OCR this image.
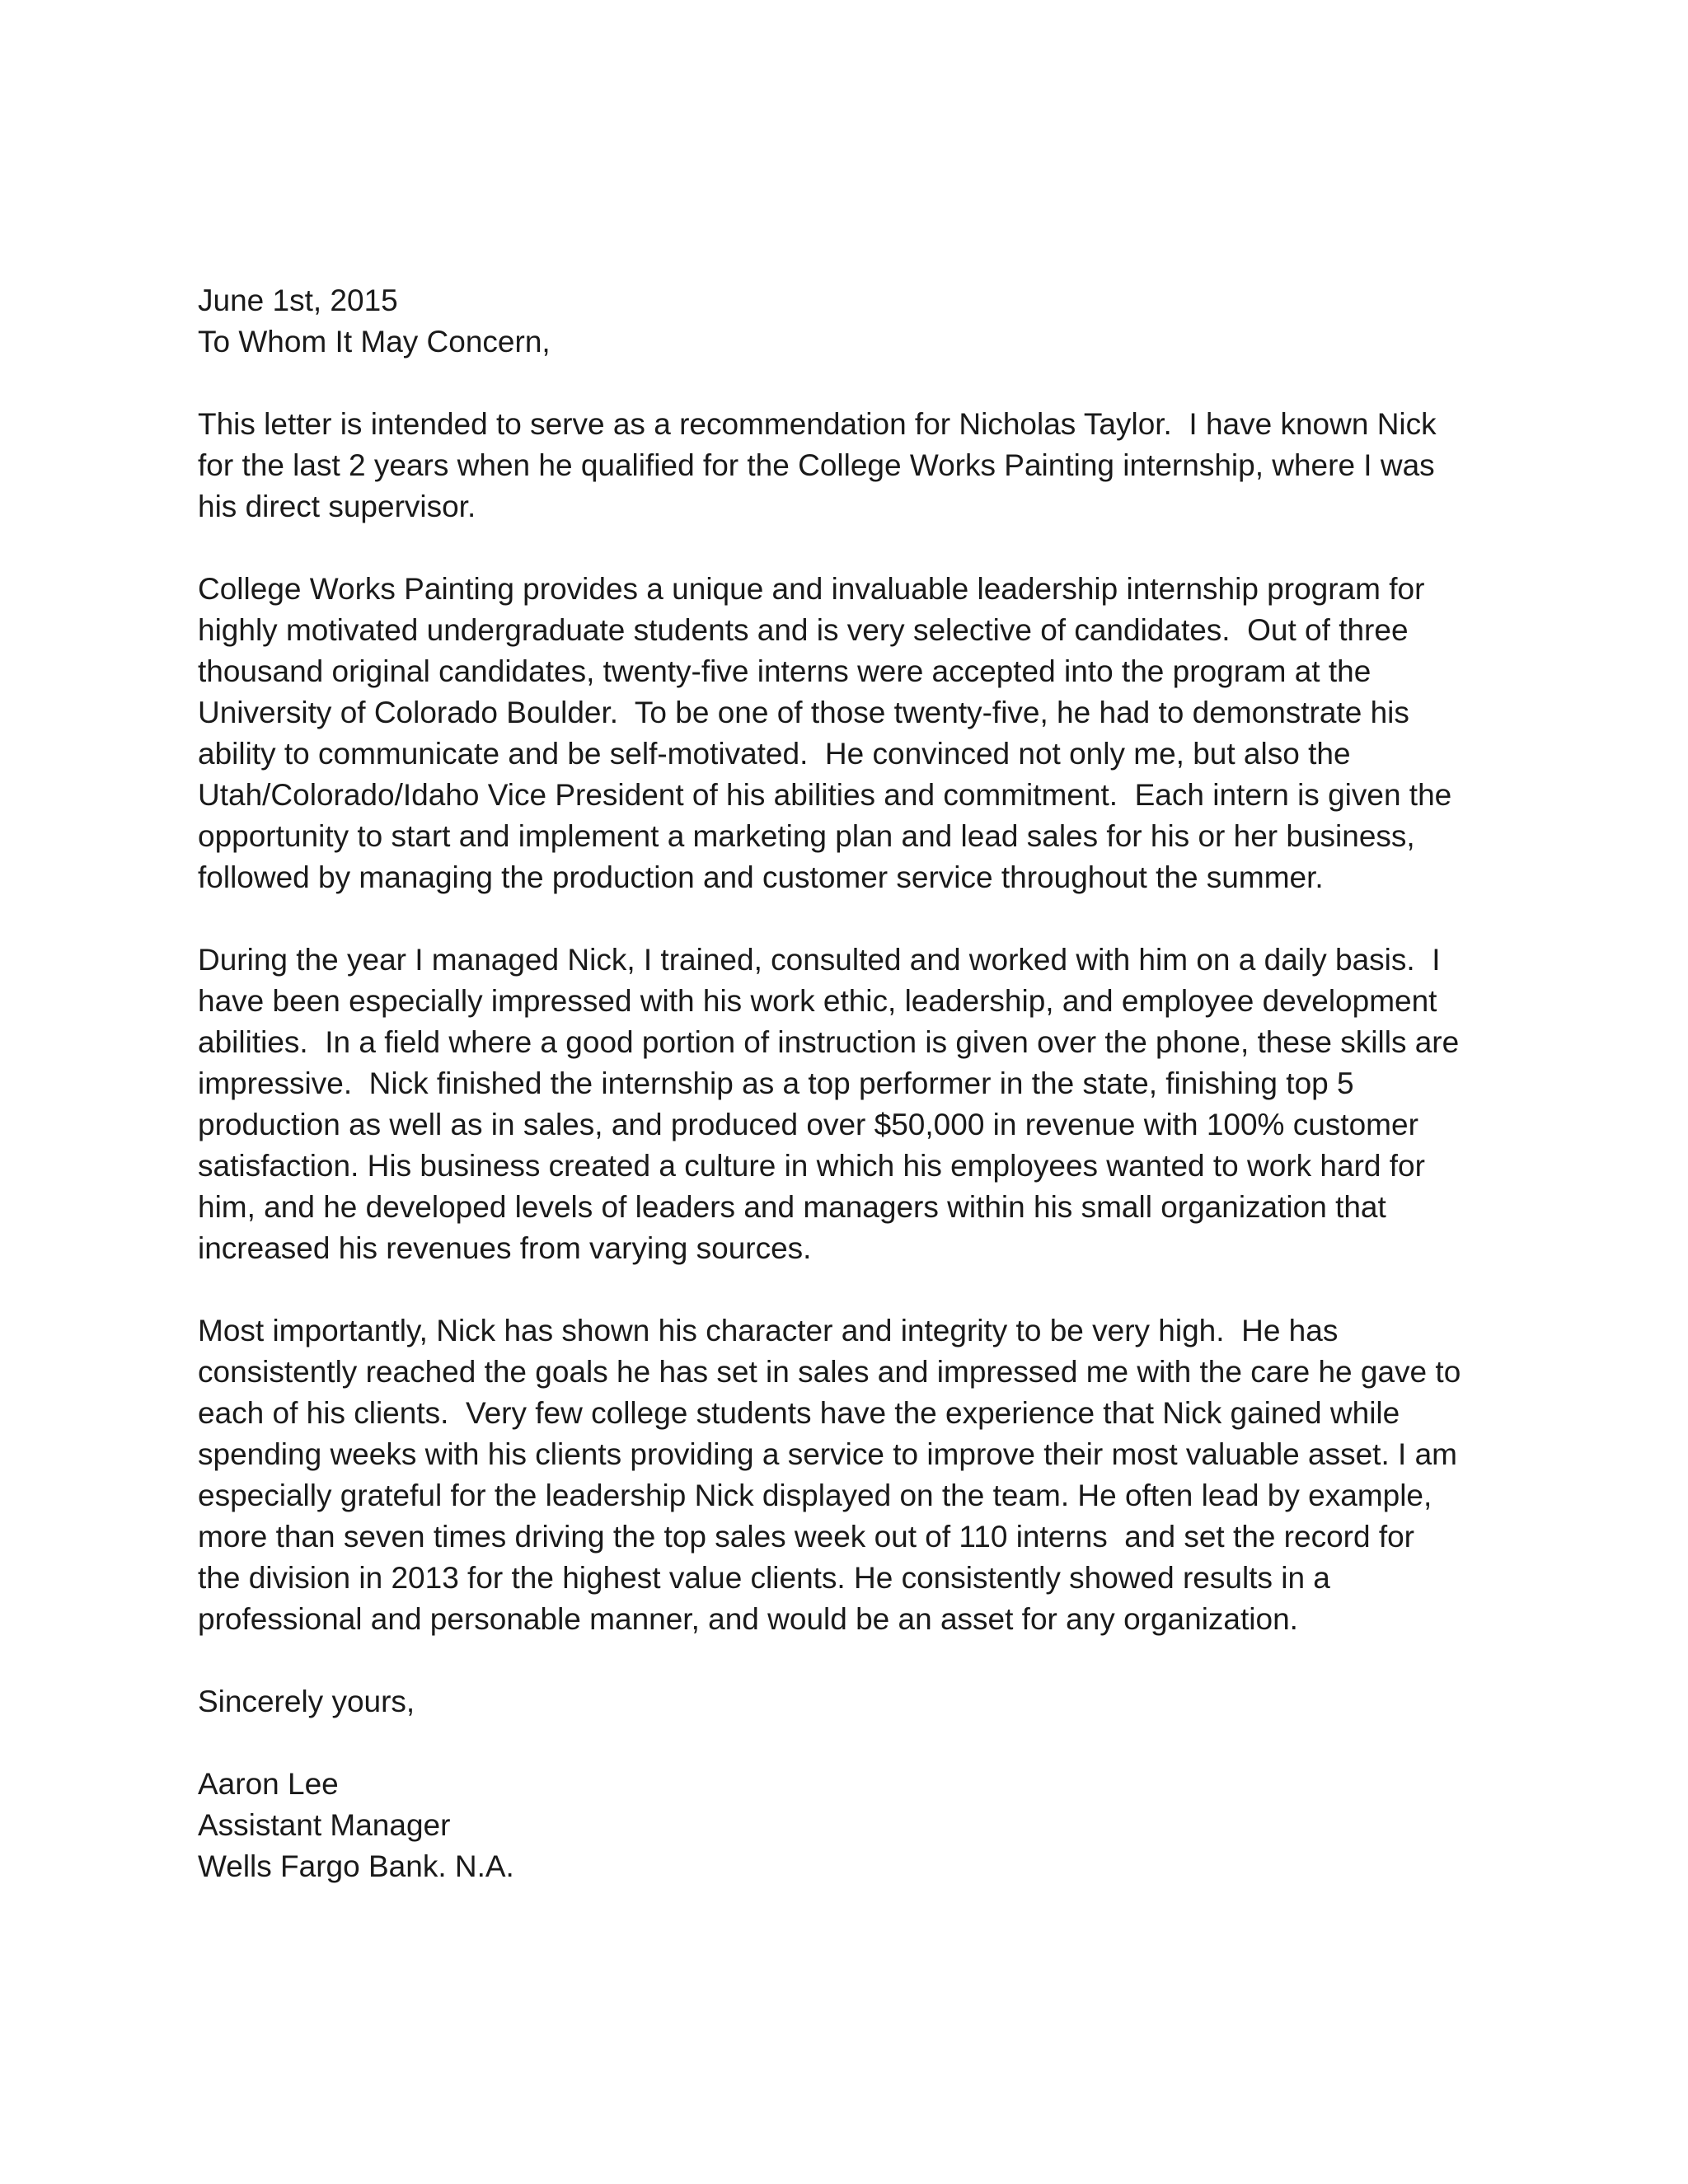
June 1st, 2015
To Whom It May Concern,
This letter is intended to serve as a recommendation for Nicholas Taylor.  I have known Nick
for the last 2 years when he qualified for the College Works Painting internship, where I was
his direct supervisor.
College Works Painting provides a unique and invaluable leadership internship program for
highly motivated undergraduate students and is very selective of candidates.  Out of three
thousand original candidates, twenty-five interns were accepted into the program at the
University of Colorado Boulder.  To be one of those twenty-five, he had to demonstrate his
ability to communicate and be self-motivated.  He convinced not only me, but also the
Utah/Colorado/Idaho Vice President of his abilities and commitment.  Each intern is given the
opportunity to start and implement a marketing plan and lead sales for his or her business,
followed by managing the production and customer service throughout the summer.
During the year I managed Nick, I trained, consulted and worked with him on a daily basis.  I
have been especially impressed with his work ethic, leadership, and employee development
abilities.  In a field where a good portion of instruction is given over the phone, these skills are
impressive.  Nick finished the internship as a top performer in the state, finishing top 5
production as well as in sales, and produced over $50,000 in revenue with 100% customer
satisfaction. His business created a culture in which his employees wanted to work hard for
him, and he developed levels of leaders and managers within his small organization that
increased his revenues from varying sources.
Most importantly, Nick has shown his character and integrity to be very high.  He has
consistently reached the goals he has set in sales and impressed me with the care he gave to
each of his clients.  Very few college students have the experience that Nick gained while
spending weeks with his clients providing a service to improve their most valuable asset. I am
especially grateful for the leadership Nick displayed on the team. He often lead by example,
more than seven times driving the top sales week out of 110 interns  and set the record for
the division in 2013 for the highest value clients. He consistently showed results in a
professional and personable manner, and would be an asset for any organization.
Sincerely yours,
Aaron Lee
Assistant Manager
Wells Fargo Bank. N.A.
